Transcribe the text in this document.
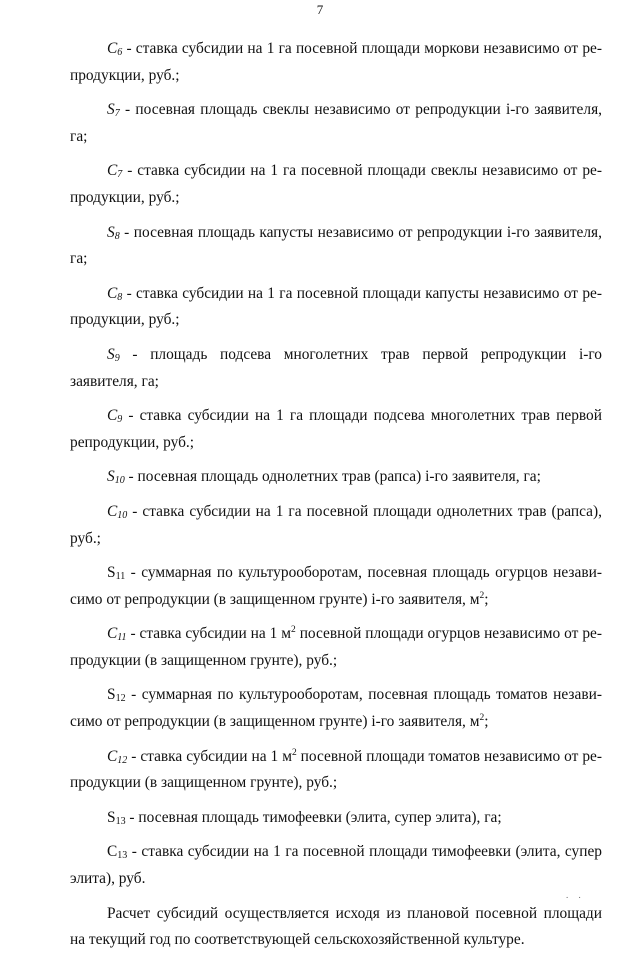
7

$C_6$ - ставка субсидии на 1 га посевной площади моркови независимо от репродукции, руб.;

$S_7$ - посевная площадь свеклы независимо от репродукции i-го заявителя, га;

$C_7$ - ставка субсидии на 1 га посевной площади свеклы независимо от репродукции, руб.;

$S_8$ - посевная площадь капусты независимо от репродукции i-го заявителя, га;

$C_8$ - ставка субсидии на 1 га посевной площади капусты независимо от репродукции, руб.;

$S_9$ - площадь подсева многолетних трав первой репродукции i-го заявителя, га;

$C_9$ - ставка субсидии на 1 га площади подсева многолетних трав первой репродукции, руб.;

$S_{10}$ - посевная площадь однолетних трав (рапса) i-го заявителя, га;

$C_{10}$ - ставка субсидии на 1 га посевной площади однолетних трав (рапса), руб.;

$S_{11}$ - суммарная по культурооборотам, посевная площадь огурцов независимо от репродукции (в защищенном грунте) i-го заявителя, $м^2$;

$C_{11}$ - ставка субсидии на 1 $м^2$ посевной площади огурцов независимо от репродукции (в защищенном грунте), руб.;

$S_{12}$ - суммарная по культурооборотам, посевная площадь томатов независимо от репродукции (в защищенном грунте) i-го заявителя, $м^2$;

$C_{12}$ - ставка субсидии на 1 $м^2$ посевной площади томатов независимо от репродукции (в защищенном грунте), руб.;

$S_{13}$ - посевная площадь тимофеевки (элита, супер элита), га;

$C_{13}$ - ставка субсидии на 1 га посевной площади тимофеевки (элита, супер элита), руб.

Расчет субсидий осуществляется исходя из плановой посевной площади на текущий год по соответствующей сельскохозяйственной культуре.

. .
